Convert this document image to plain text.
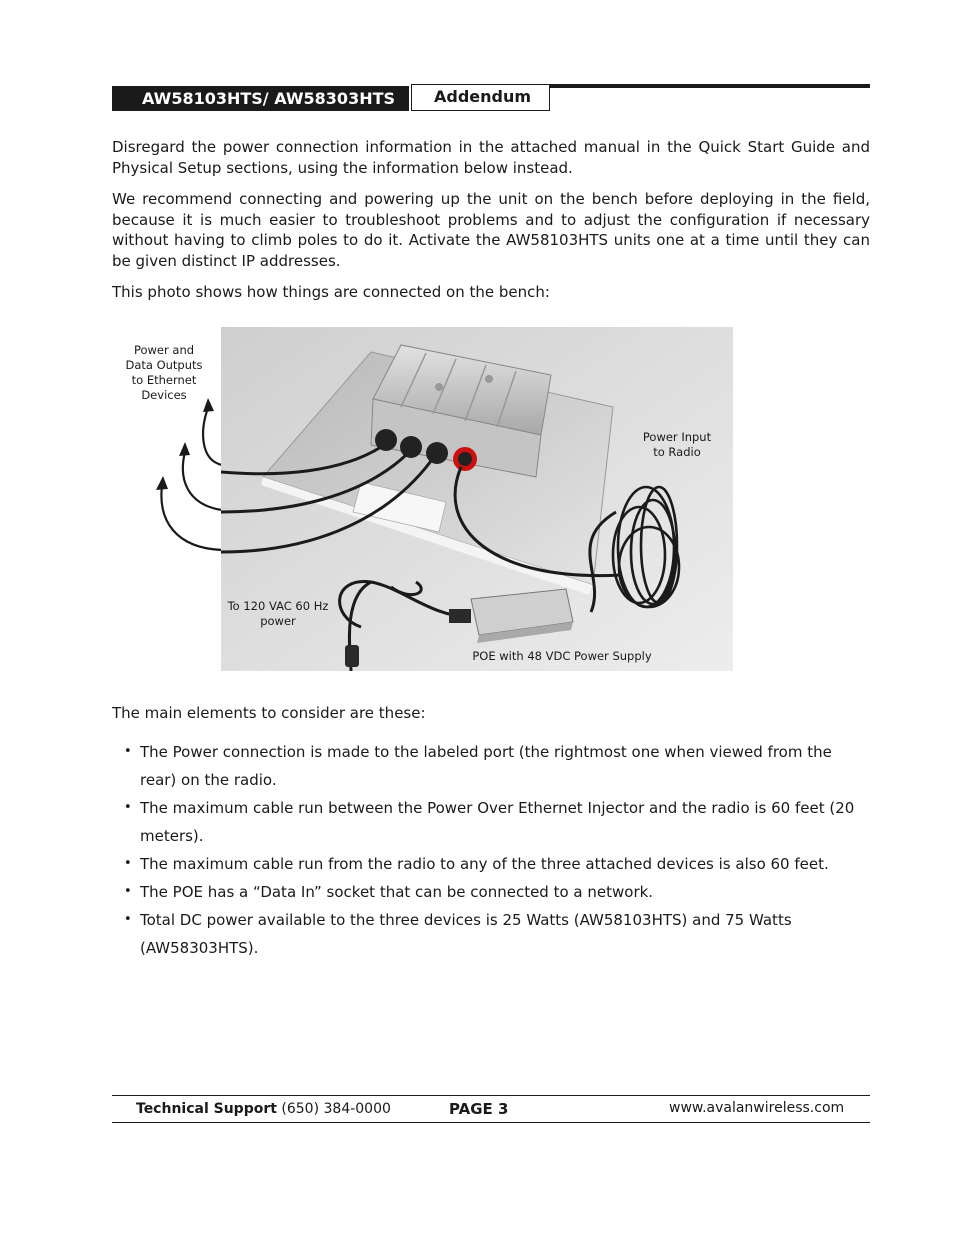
AW58103HTS/ AW58303HTS	Addendum

Disregard the power connection information in the attached manual in the Quick Start Guide and Physical Setup sections, using the information below instead.

We recommend connecting and powering up the unit on the bench before deploying in the field, because it is much easier to troubleshoot problems and to adjust the configuration if necessary without having to climb poles to do it. Activate the AW58103HTS units one at a time until they can be given distinct IP addresses.

This photo shows how things are connected on the bench:

Power and
Data Outputs
to Ethernet Devices
Power Input
to Radio
To 120 VAC 60 Hz
power
POE with 48 VDC Power Supply
The main elements to consider are these:
• The Power connection is made to the labeled port (the rightmost one when viewed from the rear) on the radio.
• The maximum cable run between the Power Over Ethernet Injector and the radio is 60 feet (20 meters).
• The maximum cable run from the radio to any of the three attached devices is also 60 feet.
• The POE has a “Data In” socket that can be connected to a network.
• Total DC power available to the three devices is 25 Watts (AW58103HTS) and 75 Watts (AW58303HTS).
Technical Support (650) 384-0000	PAGE 3	www.avalanwireless.com
